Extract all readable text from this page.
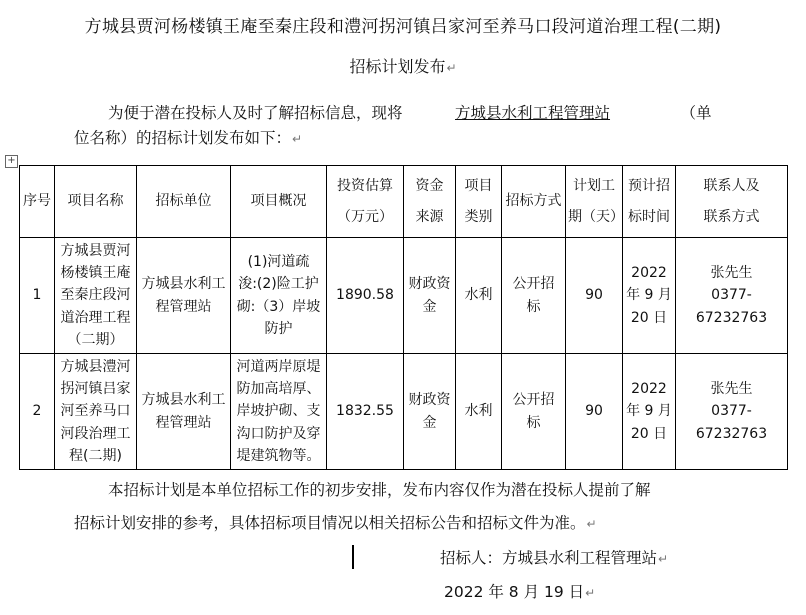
方城县贾河杨楼镇王庵至秦庄段和澧河拐河镇吕家河至养马口段河道治理工程(二期)
招标计划发布↵
为便于潜在投标人及时了解招标信息，现将	方城县水利工程管理站	（单
位名称）的招标计划发布如下：↵
+
序号	项目名称	招标单位	项目概况	投资估算
（万元）	资金
来源	项目
类别	招标方式	计划工
期（天）	预计招
标时间	联系人及
联系方式

1	方城县贾河
杨楼镇王庵
至秦庄段河
道治理工程
（二期）	方城县水利工
程管理站	(1)河道疏
浚:(2)险工护
砌:（3）岸坡
防护	1890.58	财政资
金	水利	公开招
标	90	2022
年 9 月
20 日	张先生
0377-67232763

2	方城县澧河
拐河镇吕家
河至养马口
河段治理工
程(二期)	方城县水利工
程管理站	河道两岸原堤
防加高培厚、
岸坡护砌、支
沟口防护及穿
堤建筑物等。	1832.55	财政资
金	水利	公开招
标	90	2022
年 9 月
20 日	张先生
0377-67232763
本招标计划是本单位招标工作的初步安排，发布内容仅作为潜在投标人提前了解
招标计划安排的参考，具体招标项目情况以相关招标公告和招标文件为准。↵
招标人：方城县水利工程管理站↵
2022 年 8 月 19 日↵
